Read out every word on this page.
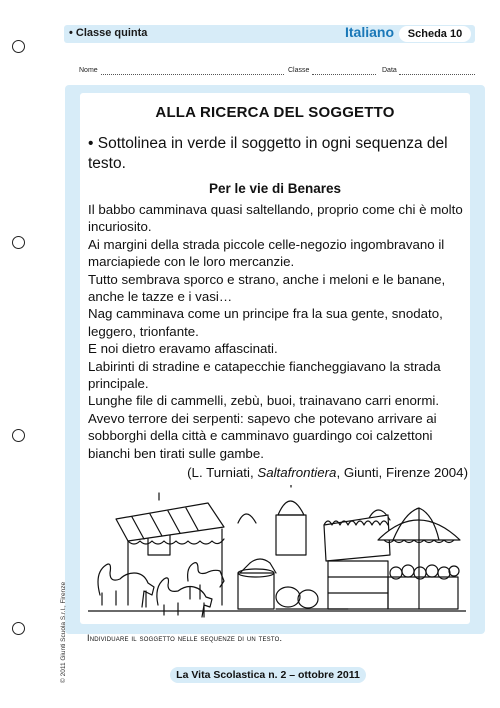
• Classe quinta	Italiano	Scheda 10
Nome	Classe	Data
ALLA RICERCA DEL SOGGETTO
• Sottolinea in verde il soggetto in ogni sequenza del testo.
Per le vie di Benares

Il babbo camminava quasi saltellando, proprio come chi è molto incuriosito.

Ai margini della strada piccole celle-negozio ingombravano il marciapiede con le loro mercanzie.

Tutto sembrava sporco e strano, anche i meloni e le banane, anche le tazze e i vasi…

Nag camminava come un principe fra la sua gente, snodato, leggero, trionfante.

E noi dietro eravamo affascinati.

Labirinti di stradine e catapecchie fiancheggiavano la strada principale.

Lunghe file di cammelli, zebù, buoi, trainavano carri enormi.

Avevo terrore dei serpenti: sapevo che potevano arrivare ai sobborghi della città e camminavo guardingo coi calzettoni bianchi ben tirati sulle gambe.

(L. Turniati, Saltafrontiera, Giunti, Firenze 2004)
Individuare il soggetto nelle sequenze di un testo.
© 2011 Giunti Scuola S.r.l., Firenze	La Vita Scolastica n. 2 – ottobre 2011
